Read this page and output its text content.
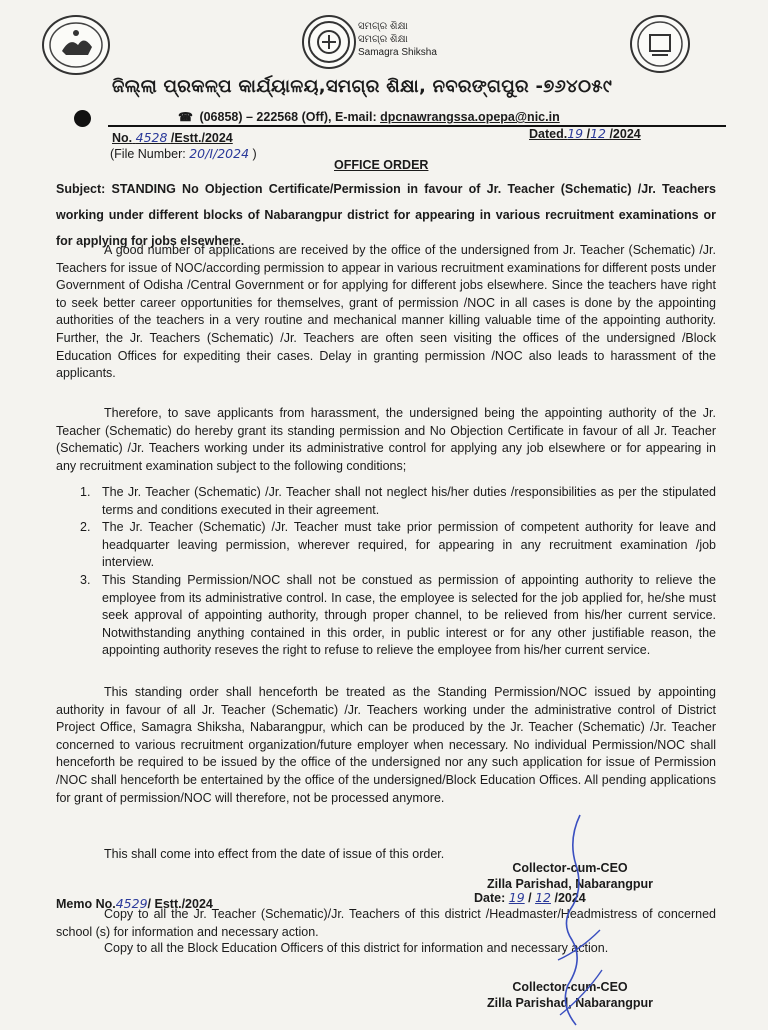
ସମଗ୍ର ଶିକ୍ଷା
ସମଗ୍ର ଶିକ୍ଷା
Samagra Shiksha
ଜିଲ୍ଲା ପ୍ରକଳ୍ପ କାର୍ଯ୍ୟାଳୟ,ସମଗ୍ର ଶିକ୍ଷା, ନବରଙ୍ଗପୁର -୭୬୪୦୫୯
☎ (06858) – 222568 (Off), E-mail: dpcnawrangssa.opepa@nic.in
No. 4528 /Estt./2024	Dated.19 /12 /2024
(File Number: 20/I/2024 )
OFFICE ORDER
Subject: STANDING No Objection Certificate/Permission in favour of Jr. Teacher (Schematic) /Jr. Teachers working under different blocks of Nabarangpur district for appearing in various recruitment examinations or for applying for jobs elsewhere.
A good number of applications are received by the office of the undersigned from Jr. Teacher (Schematic) /Jr. Teachers for issue of NOC/according permission to appear in various recruitment examinations for different posts under Government of Odisha /Central Government or for applying for different jobs elsewhere. Since the teachers have right to seek better career opportunities for themselves, grant of permission /NOC in all cases is done by the appointing authorities of the teachers in a very routine and mechanical manner killing valuable time of the appointing authority. Further, the Jr. Teachers (Schematic) /Jr. Teachers are often seen visiting the offices of the undersigned /Block Education Offices for expediting their cases. Delay in granting permission /NOC also leads to harassment of the applicants.
Therefore, to save applicants from harassment, the undersigned being the appointing authority of the Jr. Teacher (Schematic) do hereby grant its standing permission and No Objection Certificate in favour of all Jr. Teacher (Schematic) /Jr. Teachers working under its administrative control for applying any job elsewhere or for appearing in any recruitment examination subject to the following conditions;
1. The Jr. Teacher (Schematic) /Jr. Teacher shall not neglect his/her duties /responsibilities as per the stipulated terms and conditions executed in their agreement.
2. The Jr. Teacher (Schematic) /Jr. Teacher must take prior permission of competent authority for leave and headquarter leaving permission, wherever required, for appearing in any recruitment examination /job interview.
3. This Standing Permission/NOC shall not be constued as permission of appointing authority to relieve the employee from its administrative control. In case, the employee is selected for the job applied for, he/she must seek approval of appointing authority, through proper channel, to be relieved from his/her current service. Notwithstanding anything contained in this order, in public interest or for any other justifiable reason, the appointing authority reseves the right to refuse to relieve the employee from his/her current service.
This standing order shall henceforth be treated as the Standing Permission/NOC issued by appointing authority in favour of all Jr. Teacher (Schematic) /Jr. Teachers working under the administrative control of District Project Office, Samagra Shiksha, Nabarangpur, which can be produced by the Jr. Teacher (Schematic) /Jr. Teacher concerned to various recruitment organization/future employer when necessary. No individual Permission/NOC shall henceforth be required to be issued by the office of the undersigned nor any such application for issue of Permission /NOC shall henceforth be entertained by the office of the undersigned/Block Education Offices. All pending applications for grant of permission/NOC will therefore, not be processed anymore.
This shall come into effect from the date of issue of this order.
Collector-cum-CEO
Zilla Parishad, Nabarangpur
Memo No.4529/ Estt./2024	Date: 19 / 12 /2024
Copy to all the Jr. Teacher (Schematic)/Jr. Teachers of this district /Headmaster/Headmistress of concerned school (s) for information and necessary action.
Copy to all the Block Education Officers of this district for information and necessary action.
Collector-cum-CEO
Zilla Parishad, Nabarangpur
